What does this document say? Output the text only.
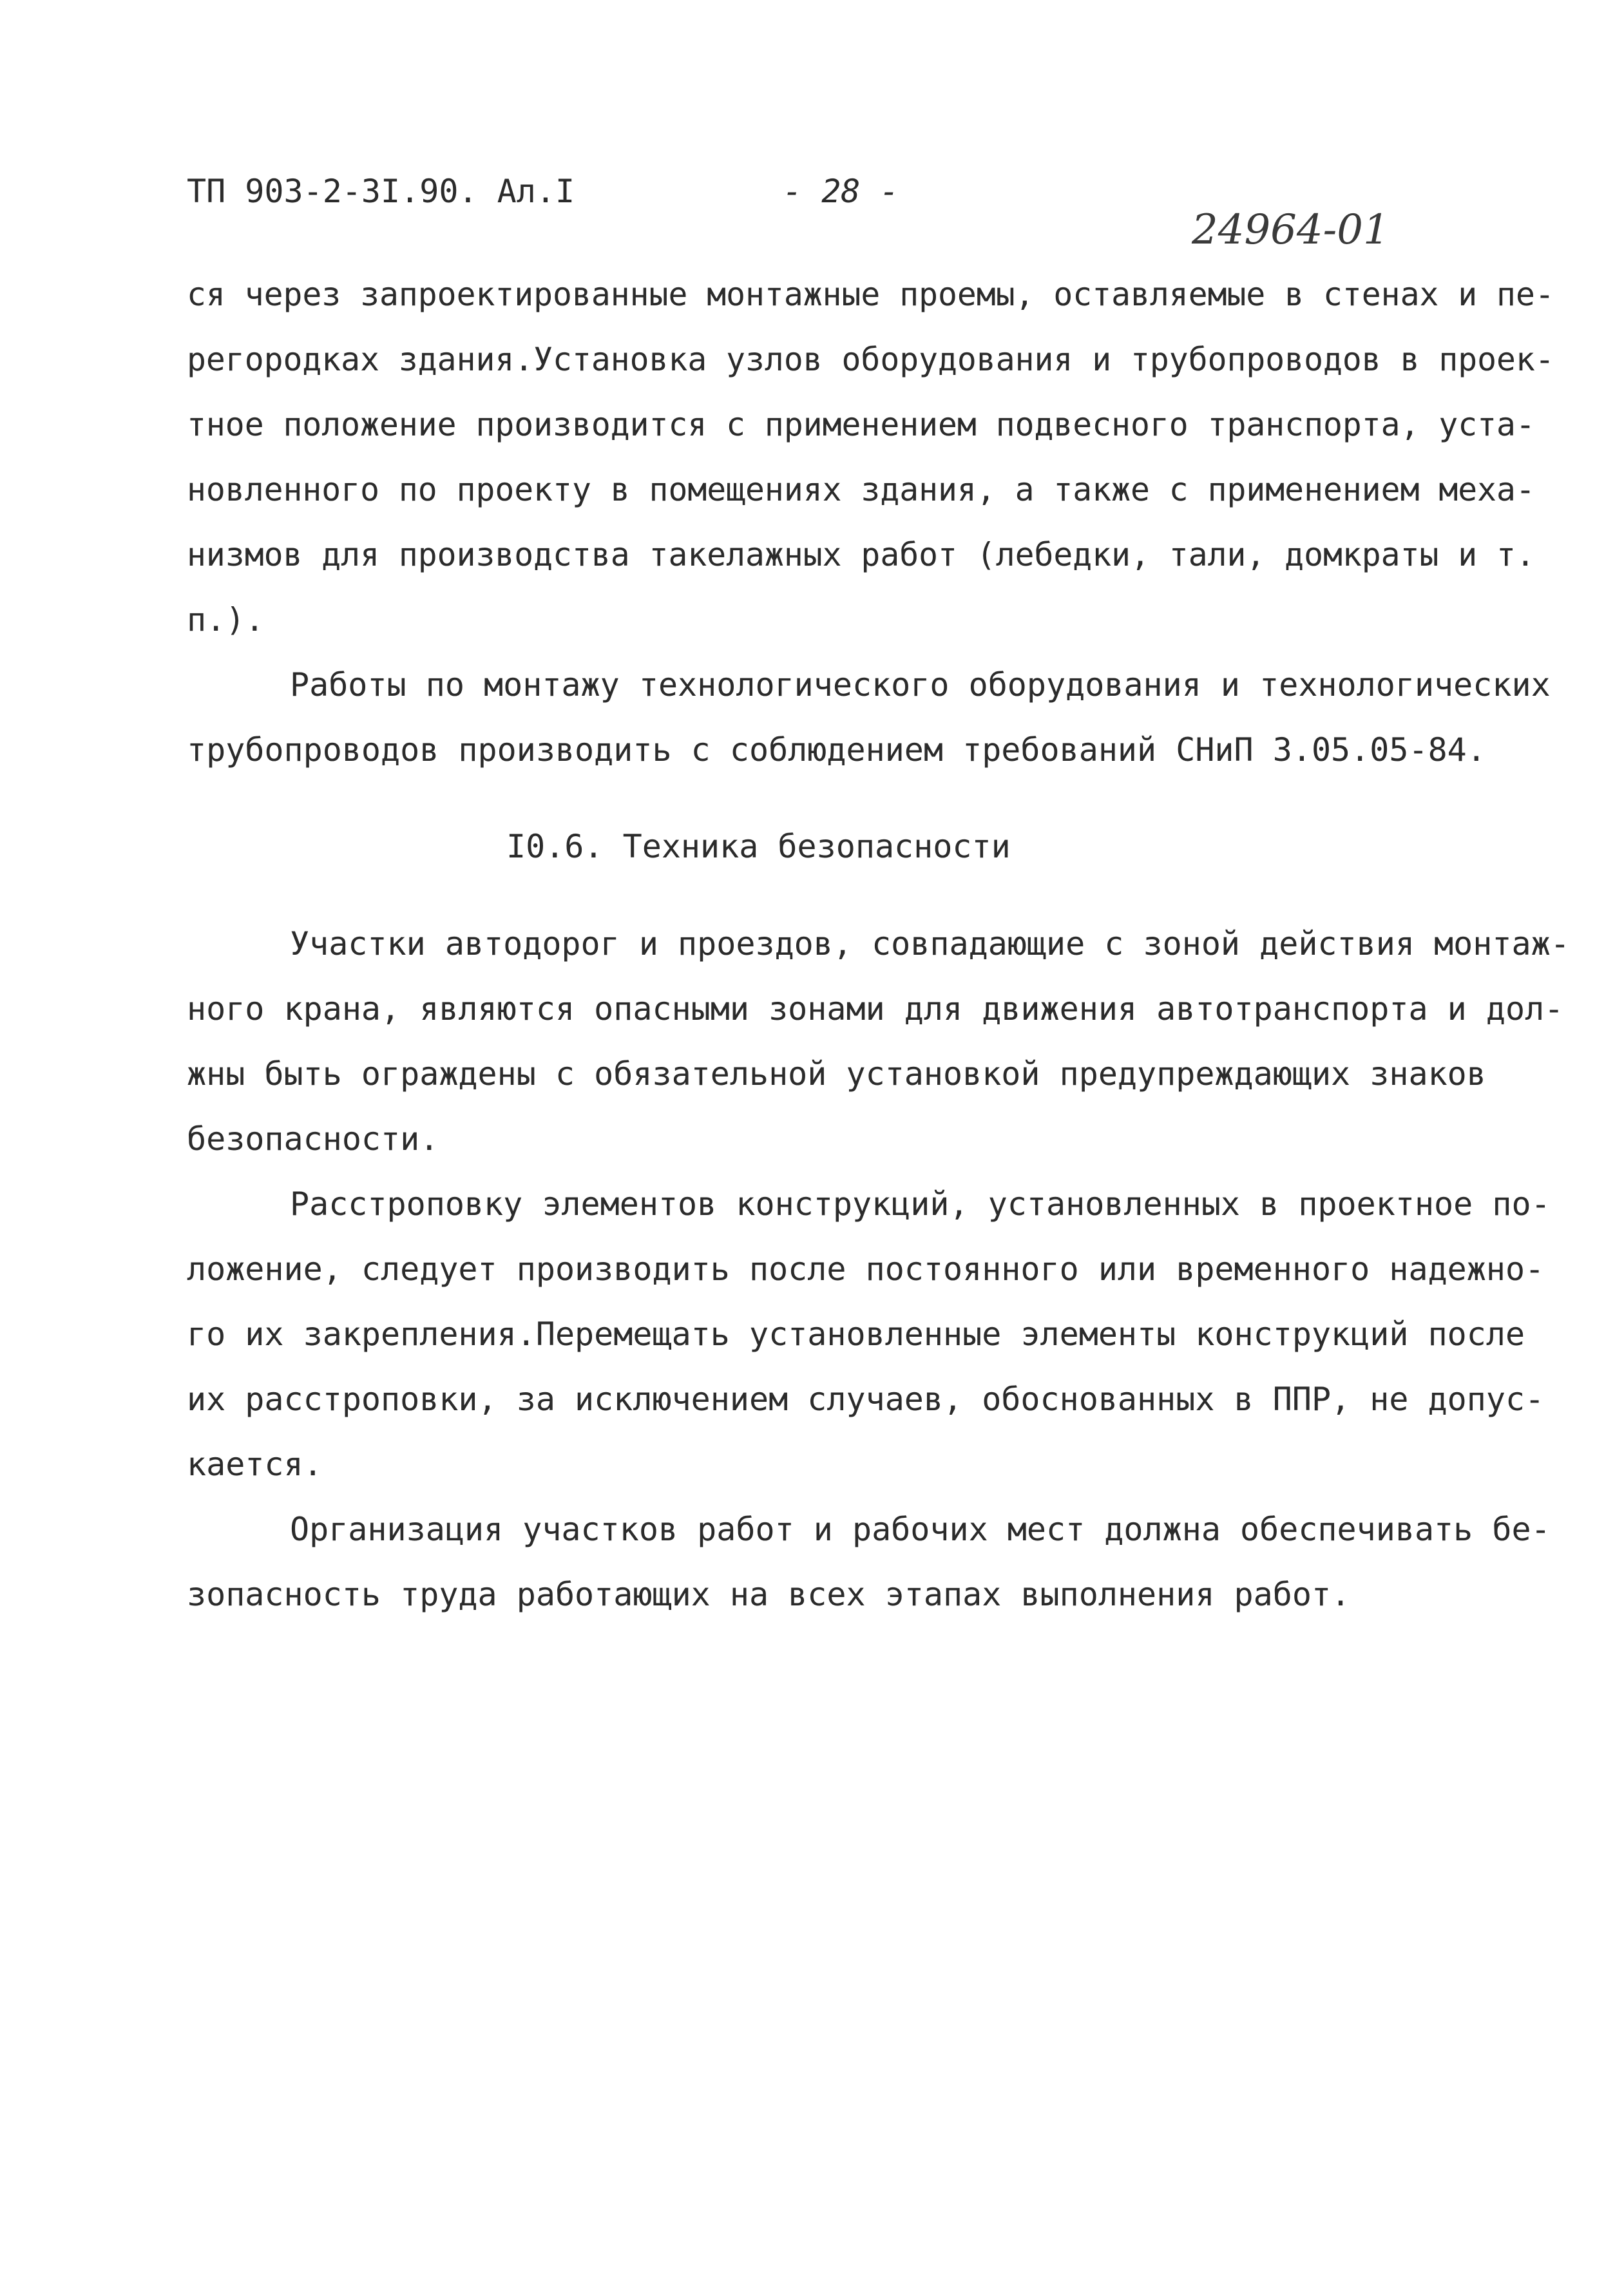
ТП 903-2-3I.90. Ал.I	- 28 -
24964-01
ся через запроектированные монтажные проемы, оставляемые в стенах и пе-
регородках здания.Установка узлов оборудования и трубопроводов в проек-
тное положение производится с применением подвесного транспорта, уста-
новленного по проекту в помещениях здания, а также с применением меха-
низмов для производства такелажных работ (лебедки, тали, домкраты и т.
п.).
Работы по монтажу технологического оборудования и технологических
трубопроводов производить с соблюдением требований СНиП 3.05.05-84.
I0.6. Техника безопасности
Участки автодорог и проездов, совпадающие с зоной действия монтаж-
ного крана, являются опасными зонами для движения автотранспорта и дол-
жны быть ограждены с обязательной установкой предупреждающих знаков
безопасности.
Расстроповку элементов конструкций, установленных в проектное по-
ложение, следует производить после постоянного или временного надежно-
го их закрепления.Перемещать установленные элементы конструкций после
их расстроповки, за исключением случаев, обоснованных в ППР, не допус-
кается.
Организация участков работ и рабочих мест должна обеспечивать бе-
зопасность труда работающих на всех этапах выполнения работ.
